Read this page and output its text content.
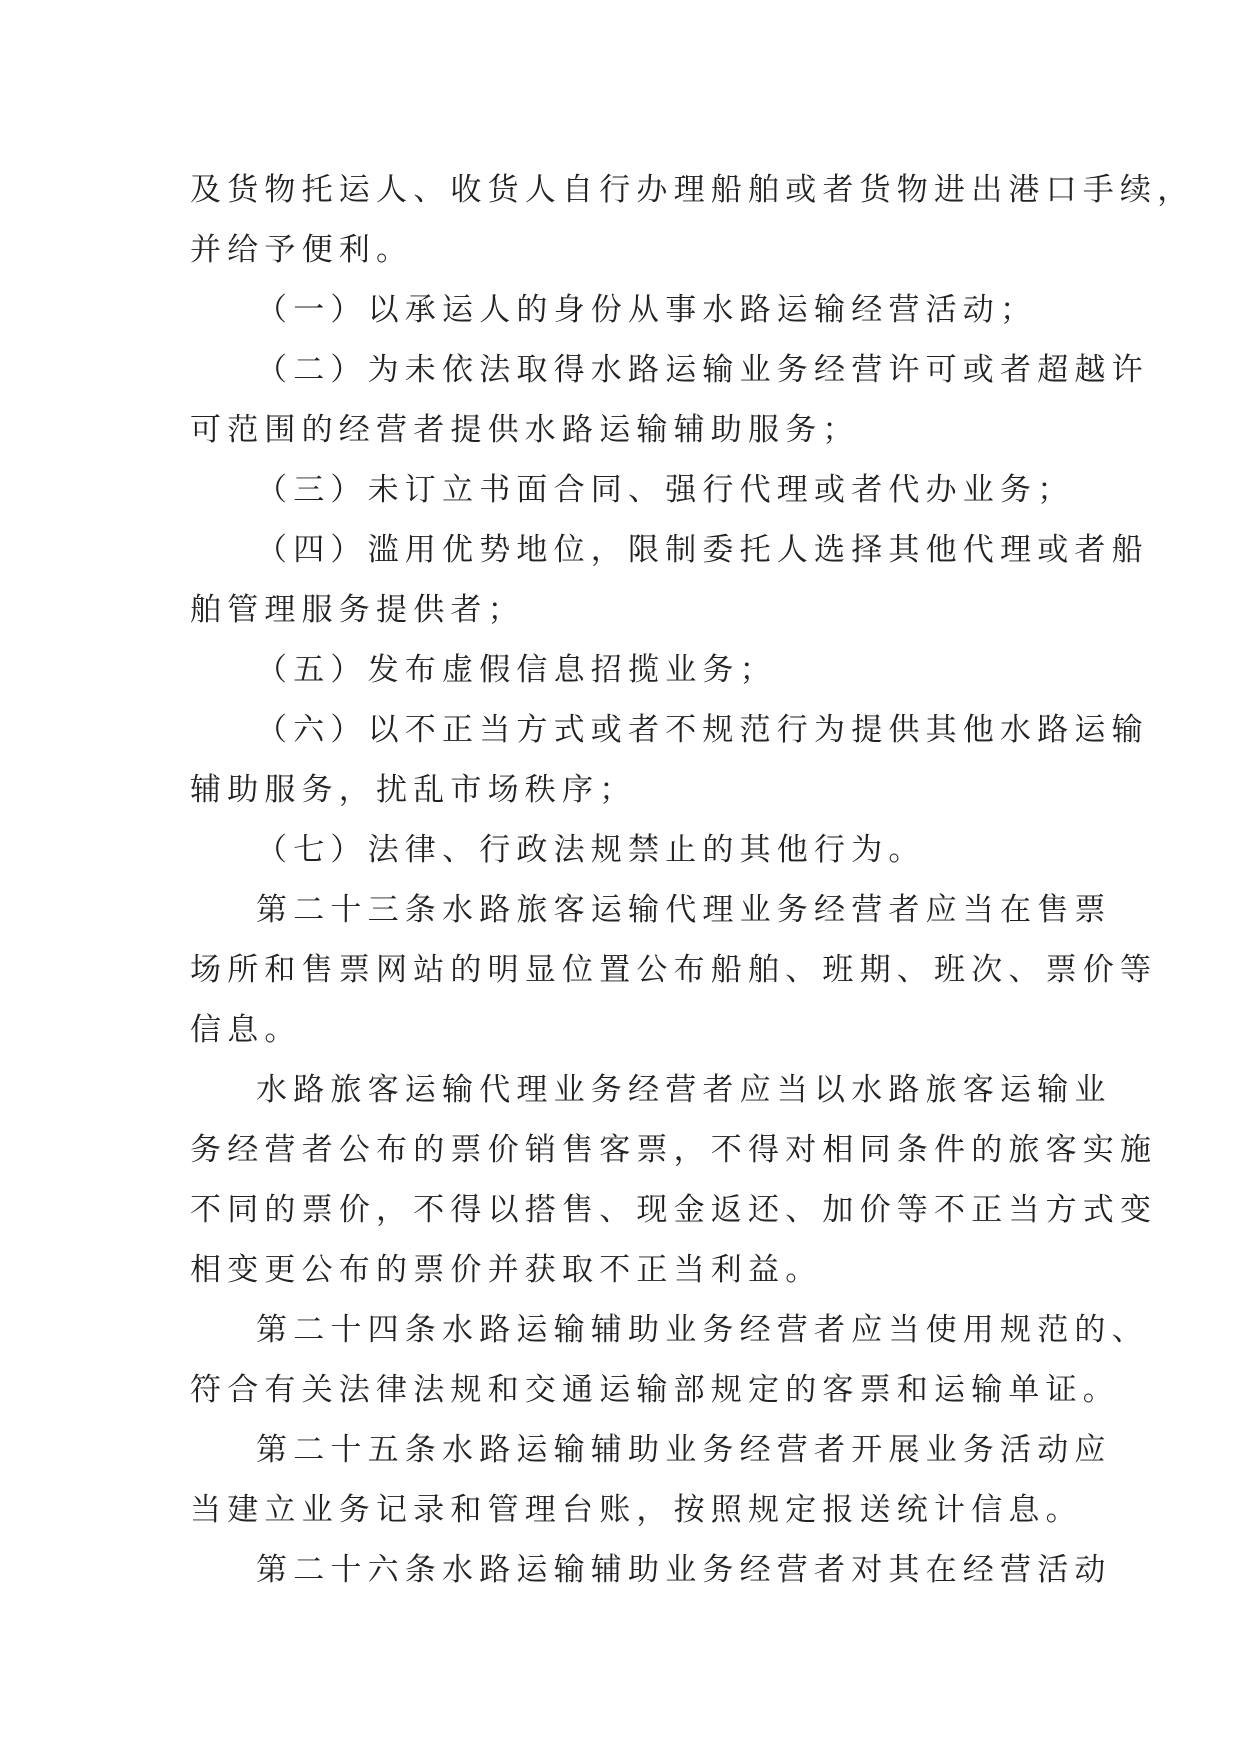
及货物托运人、收货人自行办理船舶或者货物进出港口手续，
并给予便利。
（一）以承运人的身份从事水路运输经营活动；
（二）为未依法取得水路运输业务经营许可或者超越许
可范围的经营者提供水路运输辅助服务；
（三）未订立书面合同、强行代理或者代办业务；
（四）滥用优势地位，限制委托人选择其他代理或者船
舶管理服务提供者；
（五）发布虚假信息招揽业务；
（六）以不正当方式或者不规范行为提供其他水路运输
辅助服务，扰乱市场秩序；
（七）法律、行政法规禁止的其他行为。
第二十三条水路旅客运输代理业务经营者应当在售票
场所和售票网站的明显位置公布船舶、班期、班次、票价等
信息。
水路旅客运输代理业务经营者应当以水路旅客运输业
务经营者公布的票价销售客票，不得对相同条件的旅客实施
不同的票价，不得以搭售、现金返还、加价等不正当方式变
相变更公布的票价并获取不正当利益。
第二十四条水路运输辅助业务经营者应当使用规范的、
符合有关法律法规和交通运输部规定的客票和运输单证。
第二十五条水路运输辅助业务经营者开展业务活动应
当建立业务记录和管理台账，按照规定报送统计信息。
第二十六条水路运输辅助业务经营者对其在经营活动
